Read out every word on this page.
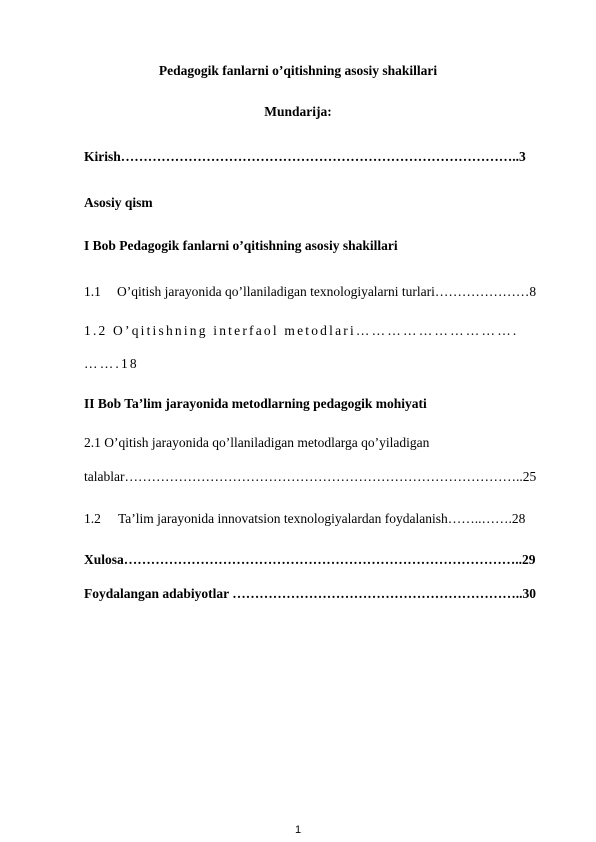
Pedagogik fanlarni o’qitishning asosiy shakillari
Mundarija:
Kirish……………………………………………………………………………..3
Asosiy qism
I Bob Pedagogik fanlarni o’qitishning asosiy shakillari
1.1 O’qitish jarayonida qo’llaniladigan texnologiyalarni turlari…………………8
1.2 O’qitishning interfaol metodlari………………………….
…….18
II Bob Ta’lim jarayonida metodlarning pedagogik mohiyati
2.1 O’qitish jarayonida qo’llaniladigan metodlarga qo’yiladigan
talablar……………………………………………………………………………..25
1.2 Ta’lim jarayonida innovatsion texnologiyalardan foydalanish……..…….28
Xulosa……………………………………………………………………………..29
Foydalangan adabiyotlar ………………………………………………………..30
1
